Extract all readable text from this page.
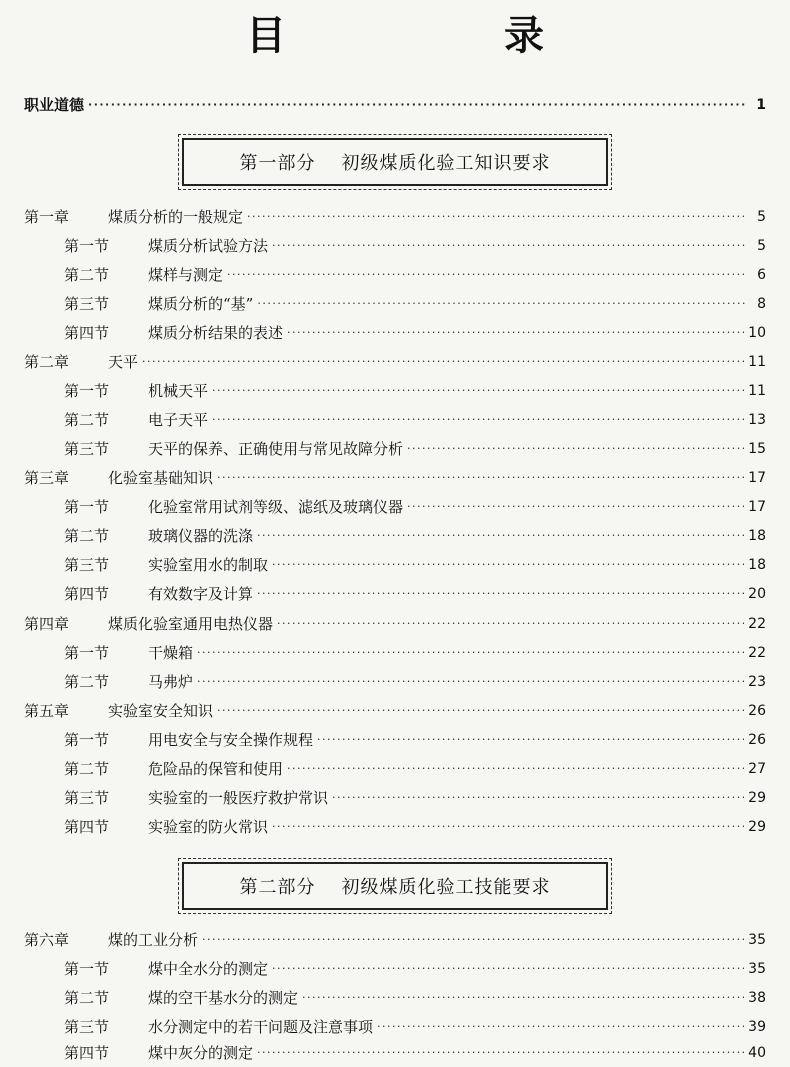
目 录
职业道德 ·····	1
第一部分 初级煤质化验工知识要求
第一章	煤质分析的一般规定 ·····	5
第一节	煤质分析试验方法 ·····	5
第二节	煤样与测定 ·····	6
第三节	煤质分析的“基” ·····	8
第四节	煤质分析结果的表述 ·····	10
第二章	天平 ·····	11
第一节	机械天平 ·····	11
第二节	电子天平 ·····	13
第三节	天平的保养、正确使用与常见故障分析 ·····	15
第三章	化验室基础知识 ·····	17
第一节	化验室常用试剂等级、滤纸及玻璃仪器 ·····	17
第二节	玻璃仪器的洗涤 ·····	18
第三节	实验室用水的制取 ·····	18
第四节	有效数字及计算 ·····	20
第四章	煤质化验室通用电热仪器 ·····	22
第一节	干燥箱 ·····	22
第二节	马弗炉 ·····	23
第五章	实验室安全知识 ·····	26
第一节	用电安全与安全操作规程 ·····	26
第二节	危险品的保管和使用 ·····	27
第三节	实验室的一般医疗救护常识 ·····	29
第四节	实验室的防火常识 ·····	29
第二部分 初级煤质化验工技能要求
第六章	煤的工业分析 ·····	35
第一节	煤中全水分的测定 ·····	35
第二节	煤的空干基水分的测定 ·····	38
第三节	水分测定中的若干问题及注意事项 ·····	39
第四节	煤中灰分的测定 ·····	40
